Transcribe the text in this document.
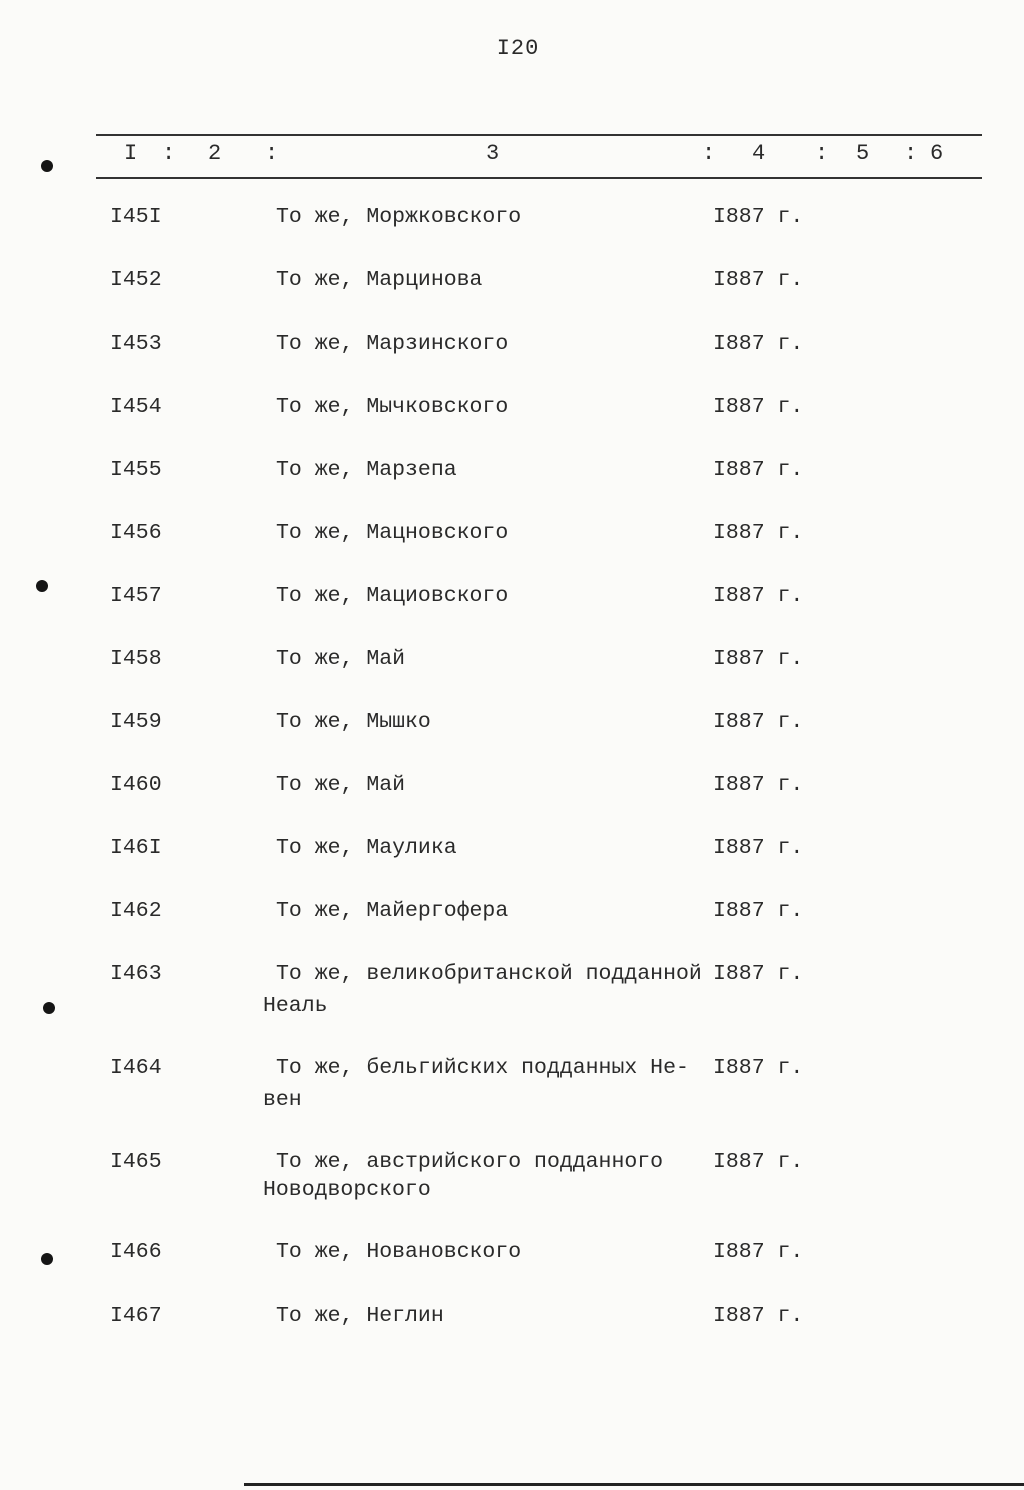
I20
I : 2 :	3	: 4 : 5 : 6
I45I	То же, Моржковского	I887 г.
I452	То же, Марцинова	I887 г.
I453	То же, Марзинского	I887 г.
I454	То же, Мычковского	I887 г.
I455	То же, Марзепа	I887 г.
I456	То же, Мацновского	I887 г.
I457	То же, Мациовского	I887 г.
I458	То же, Май	I887 г.
I459	То же, Мышко	I887 г.
I460	То же, Май	I887 г.
I46I	То же, Маулика	I887 г.
I462	То же, Майергофера	I887 г.
I463	То же, великобританской подданной I887 г.
Неаль
I464	То же, бельгийских подданных Не- I887 г.
вен
I465	То же, австрийского подданного I887 г.
Новодворского
I466	То же, Новановского	I887 г.
I467	То же, Неглин	I887 г.
